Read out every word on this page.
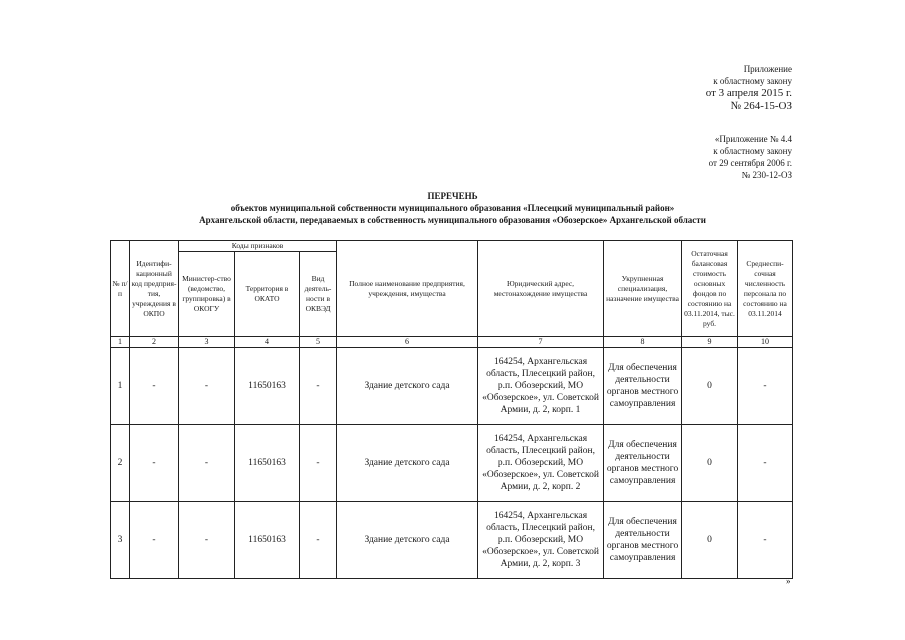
Приложение
к областному закону
от 3 апреля 2015 г.
№ 264-15-ОЗ
«Приложение № 4.4
к областному закону
от 29 сентября 2006 г.
№ 230-12-ОЗ
ПЕРЕЧЕНЬ
объектов муниципальной собственности муниципального образования «Плесецкий муниципальный район»
Архангельской области, передаваемых в собственность муниципального образования «Обозерское» Архангельской области
№ п/п	Идентифи-кационный код предприя-тия, учреждения в ОКПО	Коды признаков			Полное наименование предприятия, учреждения, имущества	Юридический адрес, местонахождение имущества	Укрупненная специализация, назначение имущества	Остаточная балансовая стоимость основных фондов по состоянию на 03.11.2014, тыс. руб.	Среднеспи-сочная численность персонала по состоянию на 03.11.2014
		Министер-ство (ведомство, группировка) в ОКОГУ	Территория в ОКАТО	Вид деятель-ности в ОКВЭД					
1	2	3	4	5	6	7	8	9	10
1	-	-	11650163	-	Здание детского сада	164254, Архангельская область, Плесецкий район, р.п. Обозерский, МО «Обозерское», ул. Советской Армии, д. 2, корп. 1	Для обеспечения деятельности органов местного самоуправления	0	-
2	-	-	11650163	-	Здание детского сада	164254, Архангельская область, Плесецкий район, р.п. Обозерский, МО «Обозерское», ул. Советской Армии, д. 2, корп. 2	Для обеспечения деятельности органов местного самоуправления	0	-
3	-	-	11650163	-	Здание детского сада	164254, Архангельская область, Плесецкий район, р.п. Обозерский, МО «Обозерское», ул. Советской Армии, д. 2, корп. 3	Для обеспечения деятельности органов местного самоуправления	0	-
»
